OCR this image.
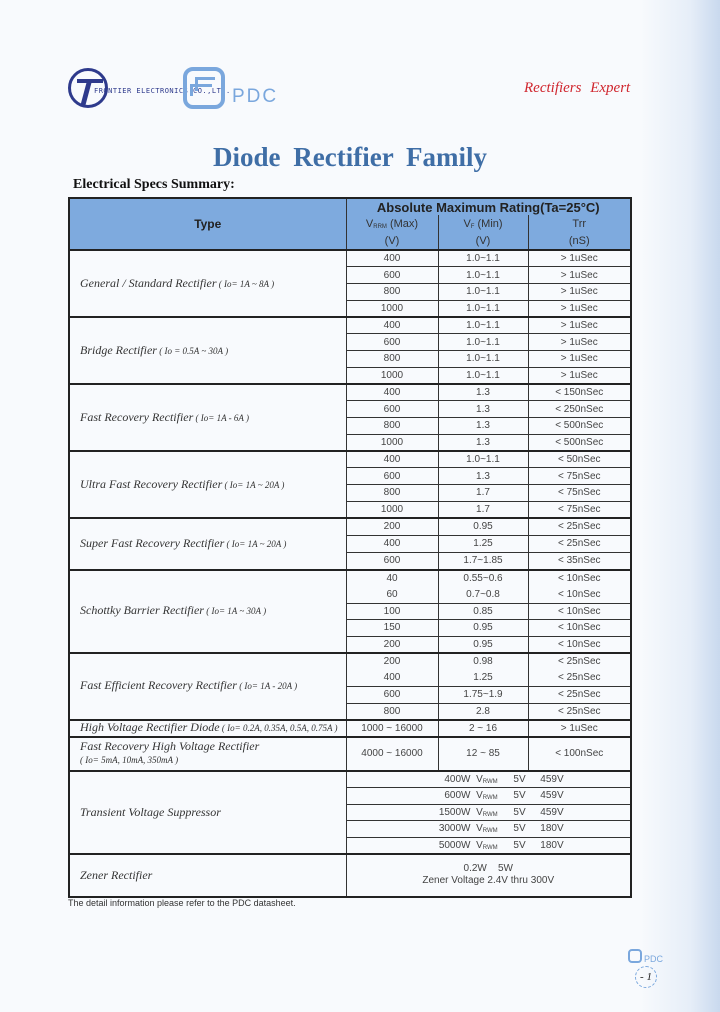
FRONTIER ELECTRONICS CO.,LTD. PDC	Rectifiers Expert
Diode Rectifier Family
Electrical Specs Summary:
Type	Absolute Maximum Rating(Ta=25°C)		
	$V_{RRM}$ (Max)	$V_F$ (Min)	Trr
	(V)	(V)	(nS)
General / Standard Rectifier ( Io= 1A ~ 8A )	400	1.0~1.1	> 1uSec
	600	1.0~1.1	> 1uSec
	800	1.0~1.1	> 1uSec
	1000	1.0~1.1	> 1uSec
Bridge Rectifier ( Io = 0.5A ~ 30A )	400	1.0~1.1	> 1uSec
	600	1.0~1.1	> 1uSec
	800	1.0~1.1	> 1uSec
	1000	1.0~1.1	> 1uSec
Fast Recovery Rectifier ( Io= 1A - 6A )	400	1.3	< 150nSec
	600	1.3	< 250nSec
	800	1.3	< 500nSec
	1000	1.3	< 500nSec
Ultra Fast Recovery Rectifier ( Io= 1A ~ 20A )	400	1.0~1.1	< 50nSec
	600	1.3	< 75nSec
	800	1.7	< 75nSec
	1000	1.7	< 75nSec
Super Fast Recovery Rectifier ( Io= 1A ~ 20A )	200	0.95	< 25nSec
	400	1.25	< 25nSec
	600	1.7~1.85	< 35nSec
Schottky Barrier Rectifier ( Io= 1A ~ 30A )	40	0.55~0.6	< 10nSec
	60	0.7~0.8	< 10nSec
	100	0.85	< 10nSec
	150	0.95	< 10nSec
	200	0.95	< 10nSec
Fast Efficient Recovery Rectifier ( Io= 1A - 20A )	200	0.98	< 25nSec
	400	1.25	< 25nSec
	600	1.75~1.9	< 25nSec
	800	2.8	< 25nSec
High Voltage Rectifier Diode ( Io= 0.2A, 0.35A, 0.5A, 0.75A )	1000 ~ 16000	2 ~ 16	> 1uSec
Fast Recovery High Voltage Rectifier
( Io= 5mA, 10mA, 350mA )	4000 ~ 16000	12 ~ 85	< 100nSec
Transient Voltage Suppressor	400W $V_{RWM}$ 5V 459V		
	600W $V_{RWM}$ 5V 459V		
	1500W $V_{RWM}$ 5V 459V		
	3000W $V_{RWM}$ 5V 180V		
	5000W $V_{RWM}$ 5V 180V		
Zener Rectifier	0.2W    5W
Zener Voltage 2.4V thru 300V		
The detail information please refer to the PDC datasheet.
PDC
- 1
